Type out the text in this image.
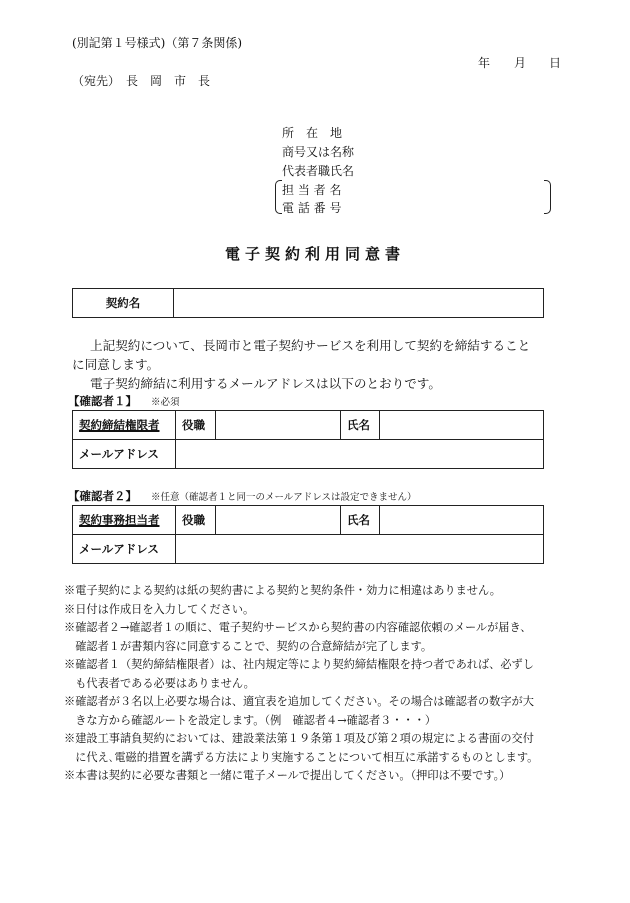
(別記第１号様式)（第７条関係)
年 月 日
（宛先）　長　岡　市　長
所　在　地
商号又は名称
代表者職氏名
担 当 者 名
電 話 番 号
電子契約利用同意書
契約名	
上記契約について、長岡市と電子契約サービスを利用して契約を締結すること
に同意します。
電子契約締結に利用するメールアドレスは以下のとおりです。
【確認者１】 ※必須
契約締結権限者	役職		氏名	
メールアドレス				
【確認者２】 ※任意（確認者１と同一のメールアドレスは設定できません）
契約事務担当者	役職		氏名	
メールアドレス				
※電子契約による契約は紙の契約書による契約と契約条件・効力に相違はありません。
※日付は作成日を入力してください。
※確認者２→確認者１の順に、電子契約サービスから契約書の内容確認依頼のメールが届き、
　確認者１が書類内容に同意することで、契約の合意締結が完了します。
※確認者１（契約締結権限者）は、社内規定等により契約締結権限を持つ者であれば、必ずし
　も代表者である必要はありません。
※確認者が３名以上必要な場合は、適宜表を追加してください。その場合は確認者の数字が大
　きな方から確認ルートを設定します。（例　確認者４→確認者３・・・）
※建設工事請負契約においては、建設業法第１９条第１項及び第２項の規定による書面の交付
　に代え､電磁的措置を講ずる方法により実施することについて相互に承諾するものとします。
※本書は契約に必要な書類と一緒に電子メールで提出してください。（押印は不要です。）
